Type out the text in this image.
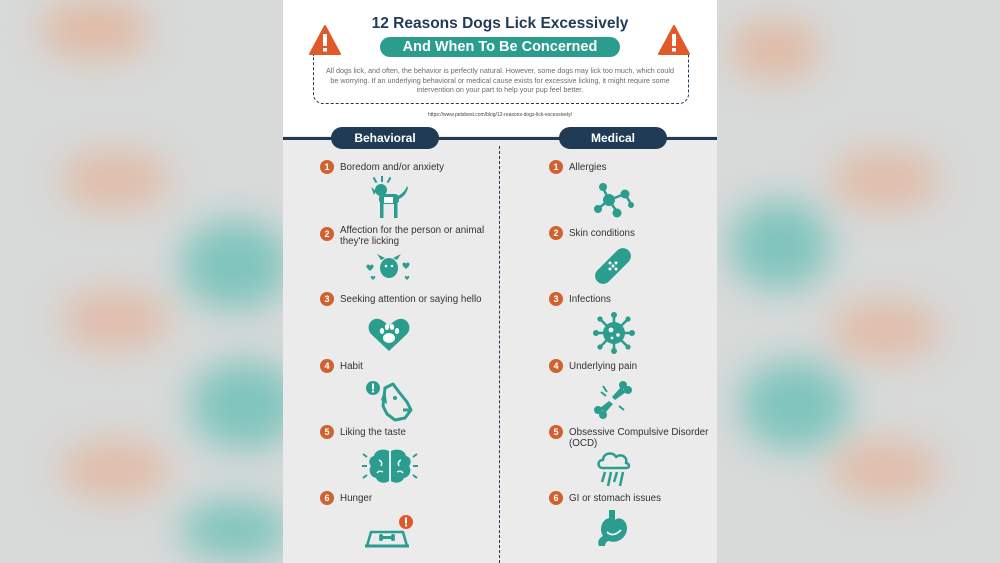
12 Reasons Dogs Lick Excessively
And When To Be Concerned
All dogs lick, and often, the behavior is perfectly natural. However, some dogs may lick too much, which could be worrying. If an underlying behavioral or medical cause exists for excessive licking, it might require some intervention on your part to help your pup feel better.
https://www.petsbest.com/blog/12-reasons-dogs-lick-excessively/
Behavioral	Medical
1	Boredom and/or anxiety
2	Affection for the person or animal they're licking
3	Seeking attention or saying hello
4	Habit
5	Liking the taste
6	Hunger
1	Allergies
2	Skin conditions
3	Infections
4	Underlying pain
5	Obsessive Compulsive Disorder (OCD)
6	GI or stomach issues
